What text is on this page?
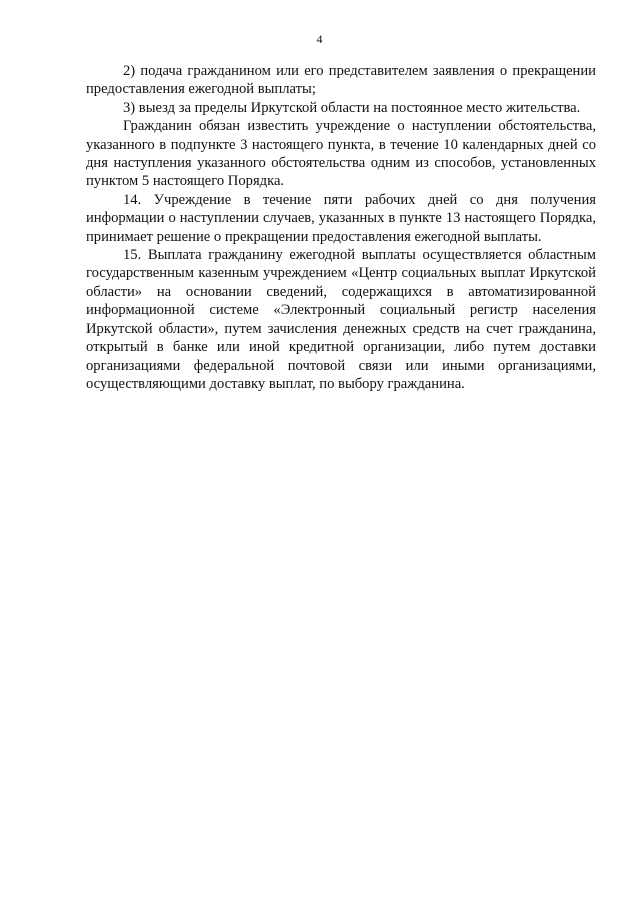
4

2) подача гражданином или его представителем заявления о прекращении предоставления ежегодной выплаты;

3) выезд за пределы Иркутской области на постоянное место жительства.

Гражданин обязан известить учреждение о наступлении обстоятельства, указанного в подпункте 3 настоящего пункта, в течение 10 календарных дней со дня наступления указанного обстоятельства одним из способов, установленных пунктом 5 настоящего Порядка.

14. Учреждение в течение пяти рабочих дней со дня получения информации о наступлении случаев, указанных в пункте 13 настоящего Порядка, принимает решение о прекращении предоставления ежегодной выплаты.

15. Выплата гражданину ежегодной выплаты осуществляется областным государственным казенным учреждением «Центр социальных выплат Иркутской области» на основании сведений, содержащихся в автоматизированной информационной системе «Электронный социальный регистр населения Иркутской области», путем зачисления денежных средств на счет гражданина, открытый в банке или иной кредитной организации, либо путем доставки организациями федеральной почтовой связи или иными организациями, осуществляющими доставку выплат, по выбору гражданина.
